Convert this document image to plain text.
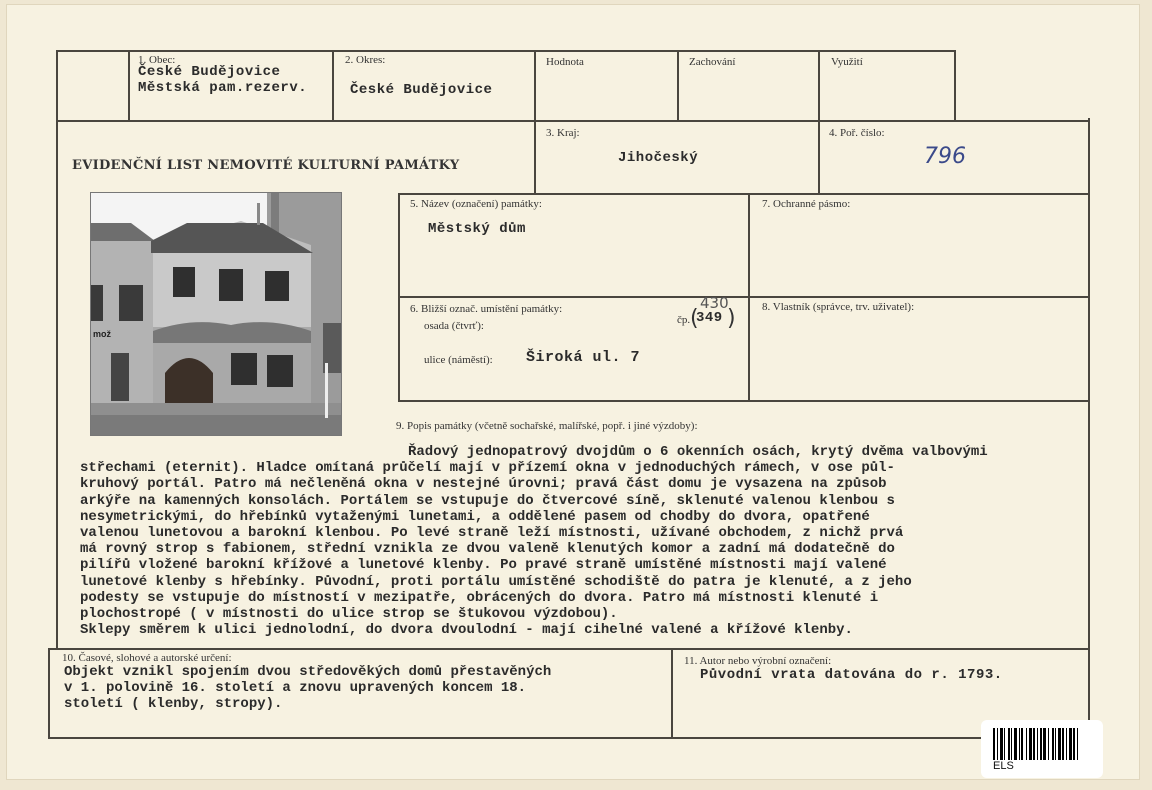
1. Obec:
České Budějovice
Městská pam.rezerv.
2. Okres:
České Budějovice
Hodnota	Zachování	Využití
EVIDENČNÍ LIST NEMOVITÉ KULTURNÍ PAMÁTKY
3. Kraj:
Jihočeský
4. Poř. číslo:
796
mož
5. Název (označení) památky:
Městský dům
7. Ochranné pásmo:
6. Bližší označ. umístění památky:
osada (čtvrť):	čp.
430
349
( )
ulice (náměstí): Široká ul. 7
8. Vlastník (správce, trv. uživatel):
9. Popis památky (včetně sochařské, malířské, popř. i jiné výzdoby):
Řadový jednopatrový dvojdům o 6 okenních osách, krytý dvěma valbovými
střechami (eternit). Hladce omítaná průčelí mají v přízemí okna v jednoduchých rámech, v ose půl-
kruhový portál. Patro má nečleněná okna v nestejné úrovni; pravá část domu je vysazena na způsob
arkýře na kamenných konsolách. Portálem se vstupuje do čtvercové síně, sklenuté valenou klenbou s
nesymetrickými, do hřebínků vytaženými lunetami, a oddělené pasem od chodby do dvora, opatřené
valenou lunetovou a barokní klenbou. Po levé straně leží místnosti, užívané obchodem, z nichž prvá
má rovný strop s fabionem, střední vznikla ze dvou valeně klenutých komor a zadní má dodatečně do
pilířů vložené barokní křížové a lunetové klenby. Po pravé straně umístěné místnosti mají valené
lunetové klenby s hřebínky. Původní, proti portálu umístěné schodiště do patra je klenuté, a z jeho
podesty se vstupuje do místností v mezipatře, obrácených do dvora. Patro má místnosti klenuté i
plochostropé ( v místnosti do ulice strop se štukovou výzdobou).
Sklepy směrem k ulici jednolodní, do dvora dvoulodní - mají cihelné valené a křížové klenby.
10. Časové, slohové a autorské určení:
Objekt vznikl spojením dvou středověkých domů přestavěných
v 1. polovině 16. století a znovu upravených koncem 18.
století ( klenby, stropy).
11. Autor nebo výrobní označení:
Původní vrata datována do r. 1793.
ELS
